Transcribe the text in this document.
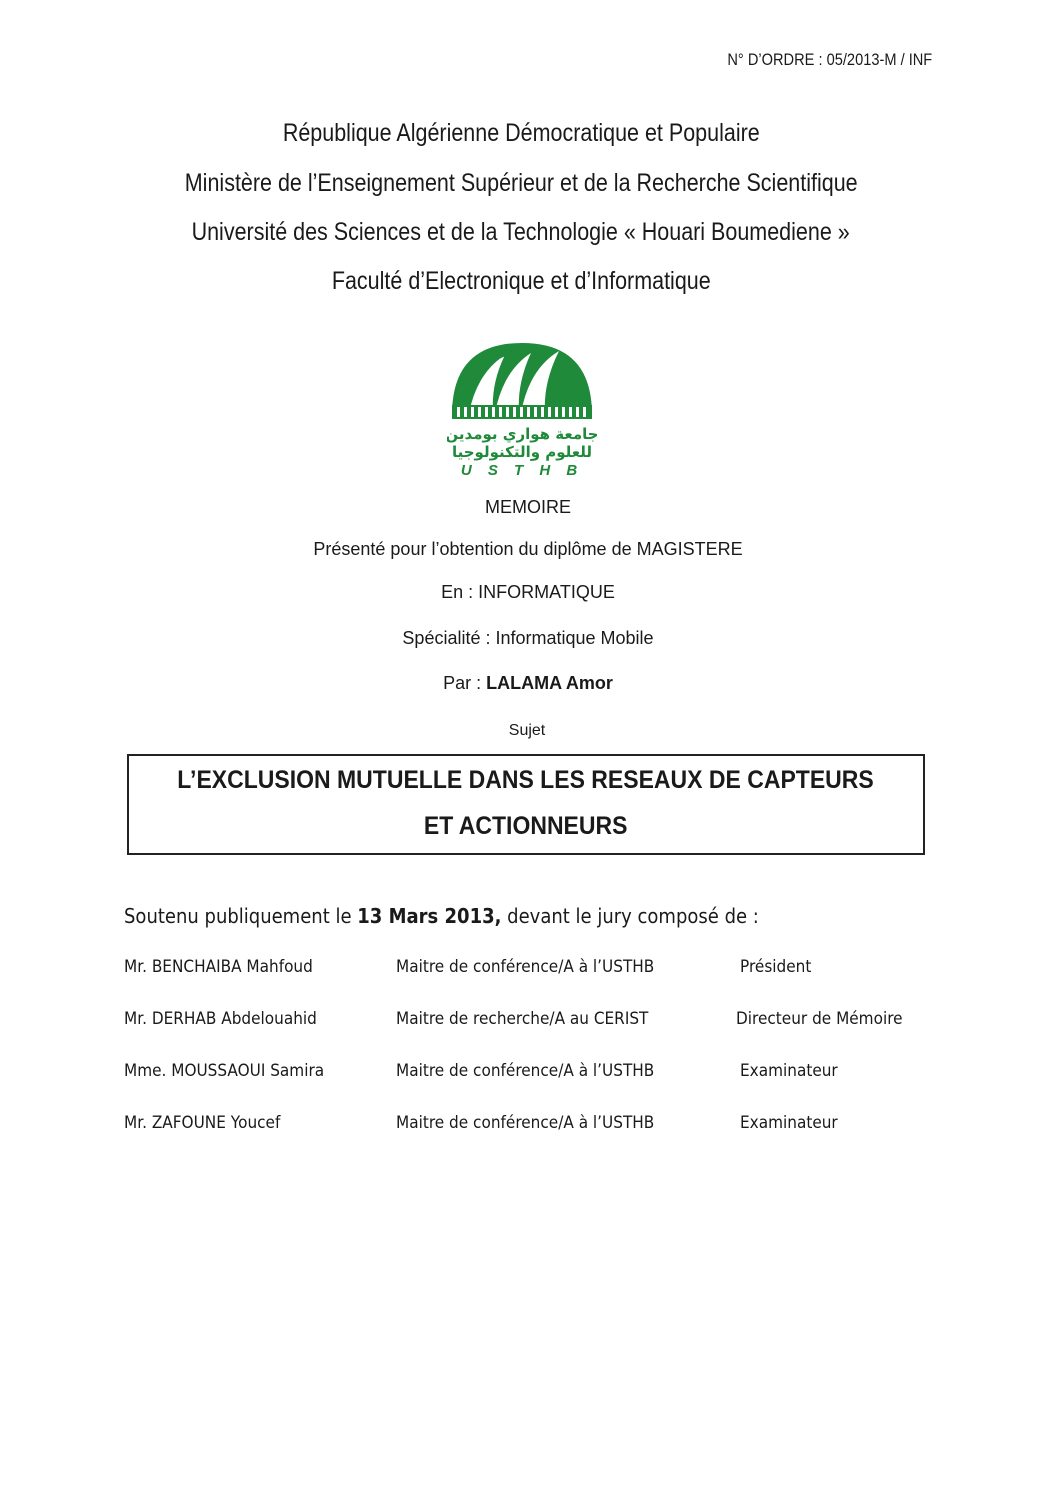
N° D’ORDRE : 05/2013-M / INF
République Algérienne Démocratique et Populaire
Ministère de l’Enseignement Supérieur et de la Recherche Scientifique
Université des Sciences et de la Technologie « Houari Boumediene »
Faculté d’Electronique et d’Informatique
جامعة هواري بومدين
للعلوم والتكنولوجيا
U S T H B
MEMOIRE
Présenté pour l’obtention du diplôme de MAGISTERE
En : INFORMATIQUE
Spécialité : Informatique Mobile
Par : LALAMA Amor
Sujet
L’EXCLUSION MUTUELLE DANS LES RESEAUX DE CAPTEURS
ET ACTIONNEURS
Soutenu publiquement le 13 Mars 2013, devant le jury composé de :
Mr. BENCHAIBA Mahfoud	Maitre de conférence/A à l’USTHB	Président
Mr. DERHAB Abdelouahid	Maitre de recherche/A au CERIST	Directeur de Mémoire
Mme. MOUSSAOUI Samira	Maitre de conférence/A à l’USTHB	Examinateur
Mr. ZAFOUNE Youcef	Maitre de conférence/A à l’USTHB	Examinateur
